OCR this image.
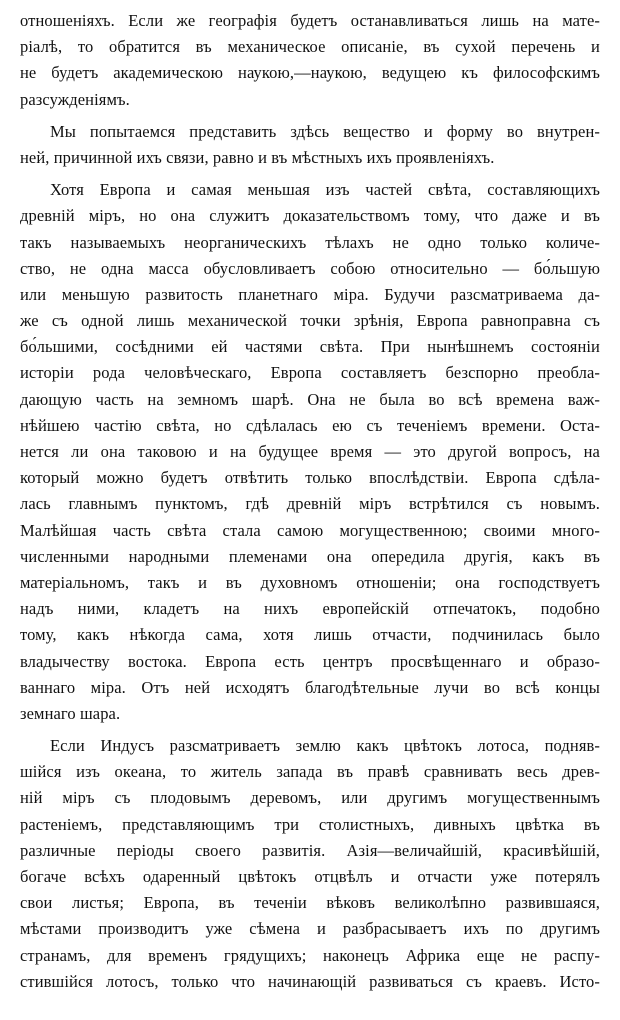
отношеніяхъ. Если же географія будетъ останавливаться лишь на мате-
ріалѣ, то обратится въ механическое описаніе, въ сухой перечень и
не будетъ академическою наукою,—наукою, ведущею къ философскимъ
разсужденіямъ.
Мы попытаемся представить здѣсь вещество и форму во внутрен-
ней, причинной ихъ связи, равно и въ мѣстныхъ ихъ проявленіяхъ.
Хотя Европа и самая меньшая изъ частей свѣта, составляющихъ
древній міръ, но она служитъ доказательствомъ тому, что даже и въ
такъ называемыхъ неорганическихъ тѣлахъ не одно только количе-
ство, не одна масса обусловливаетъ собою относительно — бо́льшую
или меньшую развитость планетнаго міра. Будучи разсматриваема да-
же съ одной лишь механической точки зрѣнія, Европа равноправна съ
бо́льшими, сосѣдними ей частями свѣта. При нынѣшнемъ состояніи
исторіи рода человѣческаго, Европа составляетъ безспорно преобла-
дающую часть на земномъ шарѣ. Она не была во всѣ времена важ-
нѣйшею частію свѣта, но сдѣлалась ею съ теченіемъ времени. Оста-
нется ли она таковою и на будущее время — это другой вопросъ, на
который можно будетъ отвѣтить только впослѣдствіи. Европа сдѣла-
лась главнымъ пунктомъ, гдѣ древній міръ встрѣтился съ новымъ.
Малѣйшая часть свѣта стала самою могущественною; своими много-
численными народными племенами она опередила другія, какъ въ
матеріальномъ, такъ и въ духовномъ отношеніи; она господствуетъ
надъ ними, кладетъ на нихъ европейскій отпечатокъ, подобно
тому, какъ нѣкогда сама, хотя лишь отчасти, подчинилась было
владычеству востока. Европа есть центръ просвѣщеннаго и образо-
ваннаго міра. Отъ ней исходятъ благодѣтельные лучи во всѣ концы
земнаго шара.
Если Индусъ разсматриваетъ землю какъ цвѣтокъ лотоса, подняв-
шійся изъ океана, то житель запада въ правѣ сравнивать весь древ-
ній міръ съ плодовымъ деревомъ, или другимъ могущественнымъ
растеніемъ, представляющимъ три столистныхъ, дивныхъ цвѣтка въ
различные періоды своего развитія. Азія—величайшій, красивѣйшій,
богаче всѣхъ одаренный цвѣтокъ отцвѣлъ и отчасти уже потерялъ
свои листья; Европа, въ теченіи вѣковъ великолѣпно развившаяся,
мѣстами производитъ уже сѣмена и разбрасываетъ ихъ по другимъ
странамъ, для временъ грядущихъ; наконецъ Африка еще не распу-
стившійся лотосъ, только что начинающій развиваться съ краевъ. Исто-
